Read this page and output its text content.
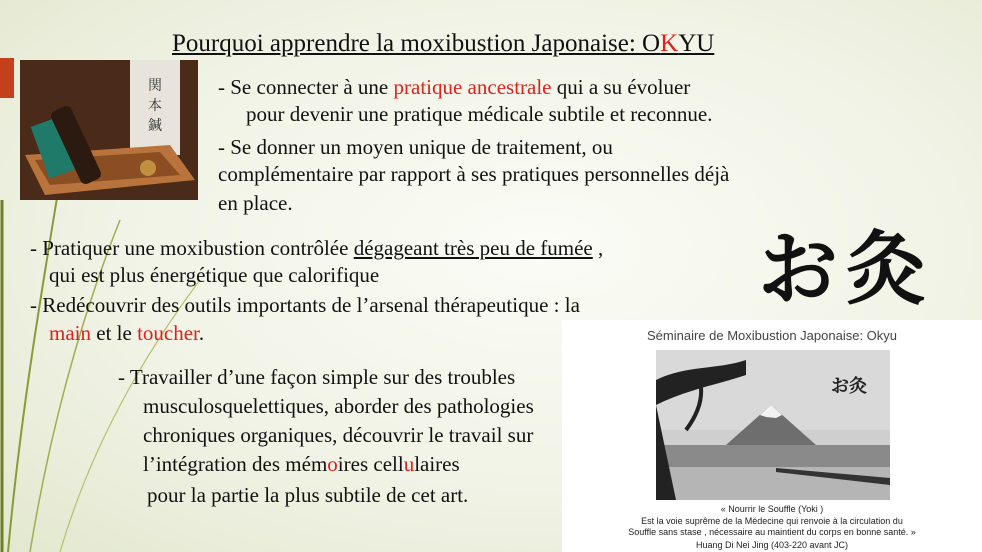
関
本
鍼
Pourquoi apprendre la moxibustion Japonaise: OKYU
お灸
- Se connecter à une pratique ancestrale qui a su évoluer
pour devenir une pratique médicale subtile et reconnue.
- Se donner un moyen unique de traitement, ou
complémentaire par rapport à ses pratiques personnelles déjà
en place.
- Pratiquer une moxibustion contrôlée dégageant très peu de fumée ,
qui est plus énergétique que calorifique
- Redécouvrir des outils importants de l’arsenal thérapeutique : la
main et le toucher.
- Travailler d’une façon simple sur des troubles
musculosquelettiques, aborder des pathologies
chroniques organiques, découvrir le travail sur
l’intégration des mémoires cellulaires
pour la partie la plus subtile de cet art.
Séminaire de Moxibustion Japonaise: Okyu
お灸
« Nourrir le Souffle (Yoki )
Est la voie suprême de la Médecine qui renvoie à la circulation du
Souffle sans stase , nécessaire au maintient du corps en bonne santé. »
Huang Di Nei Jing (403-220 avant JC)
